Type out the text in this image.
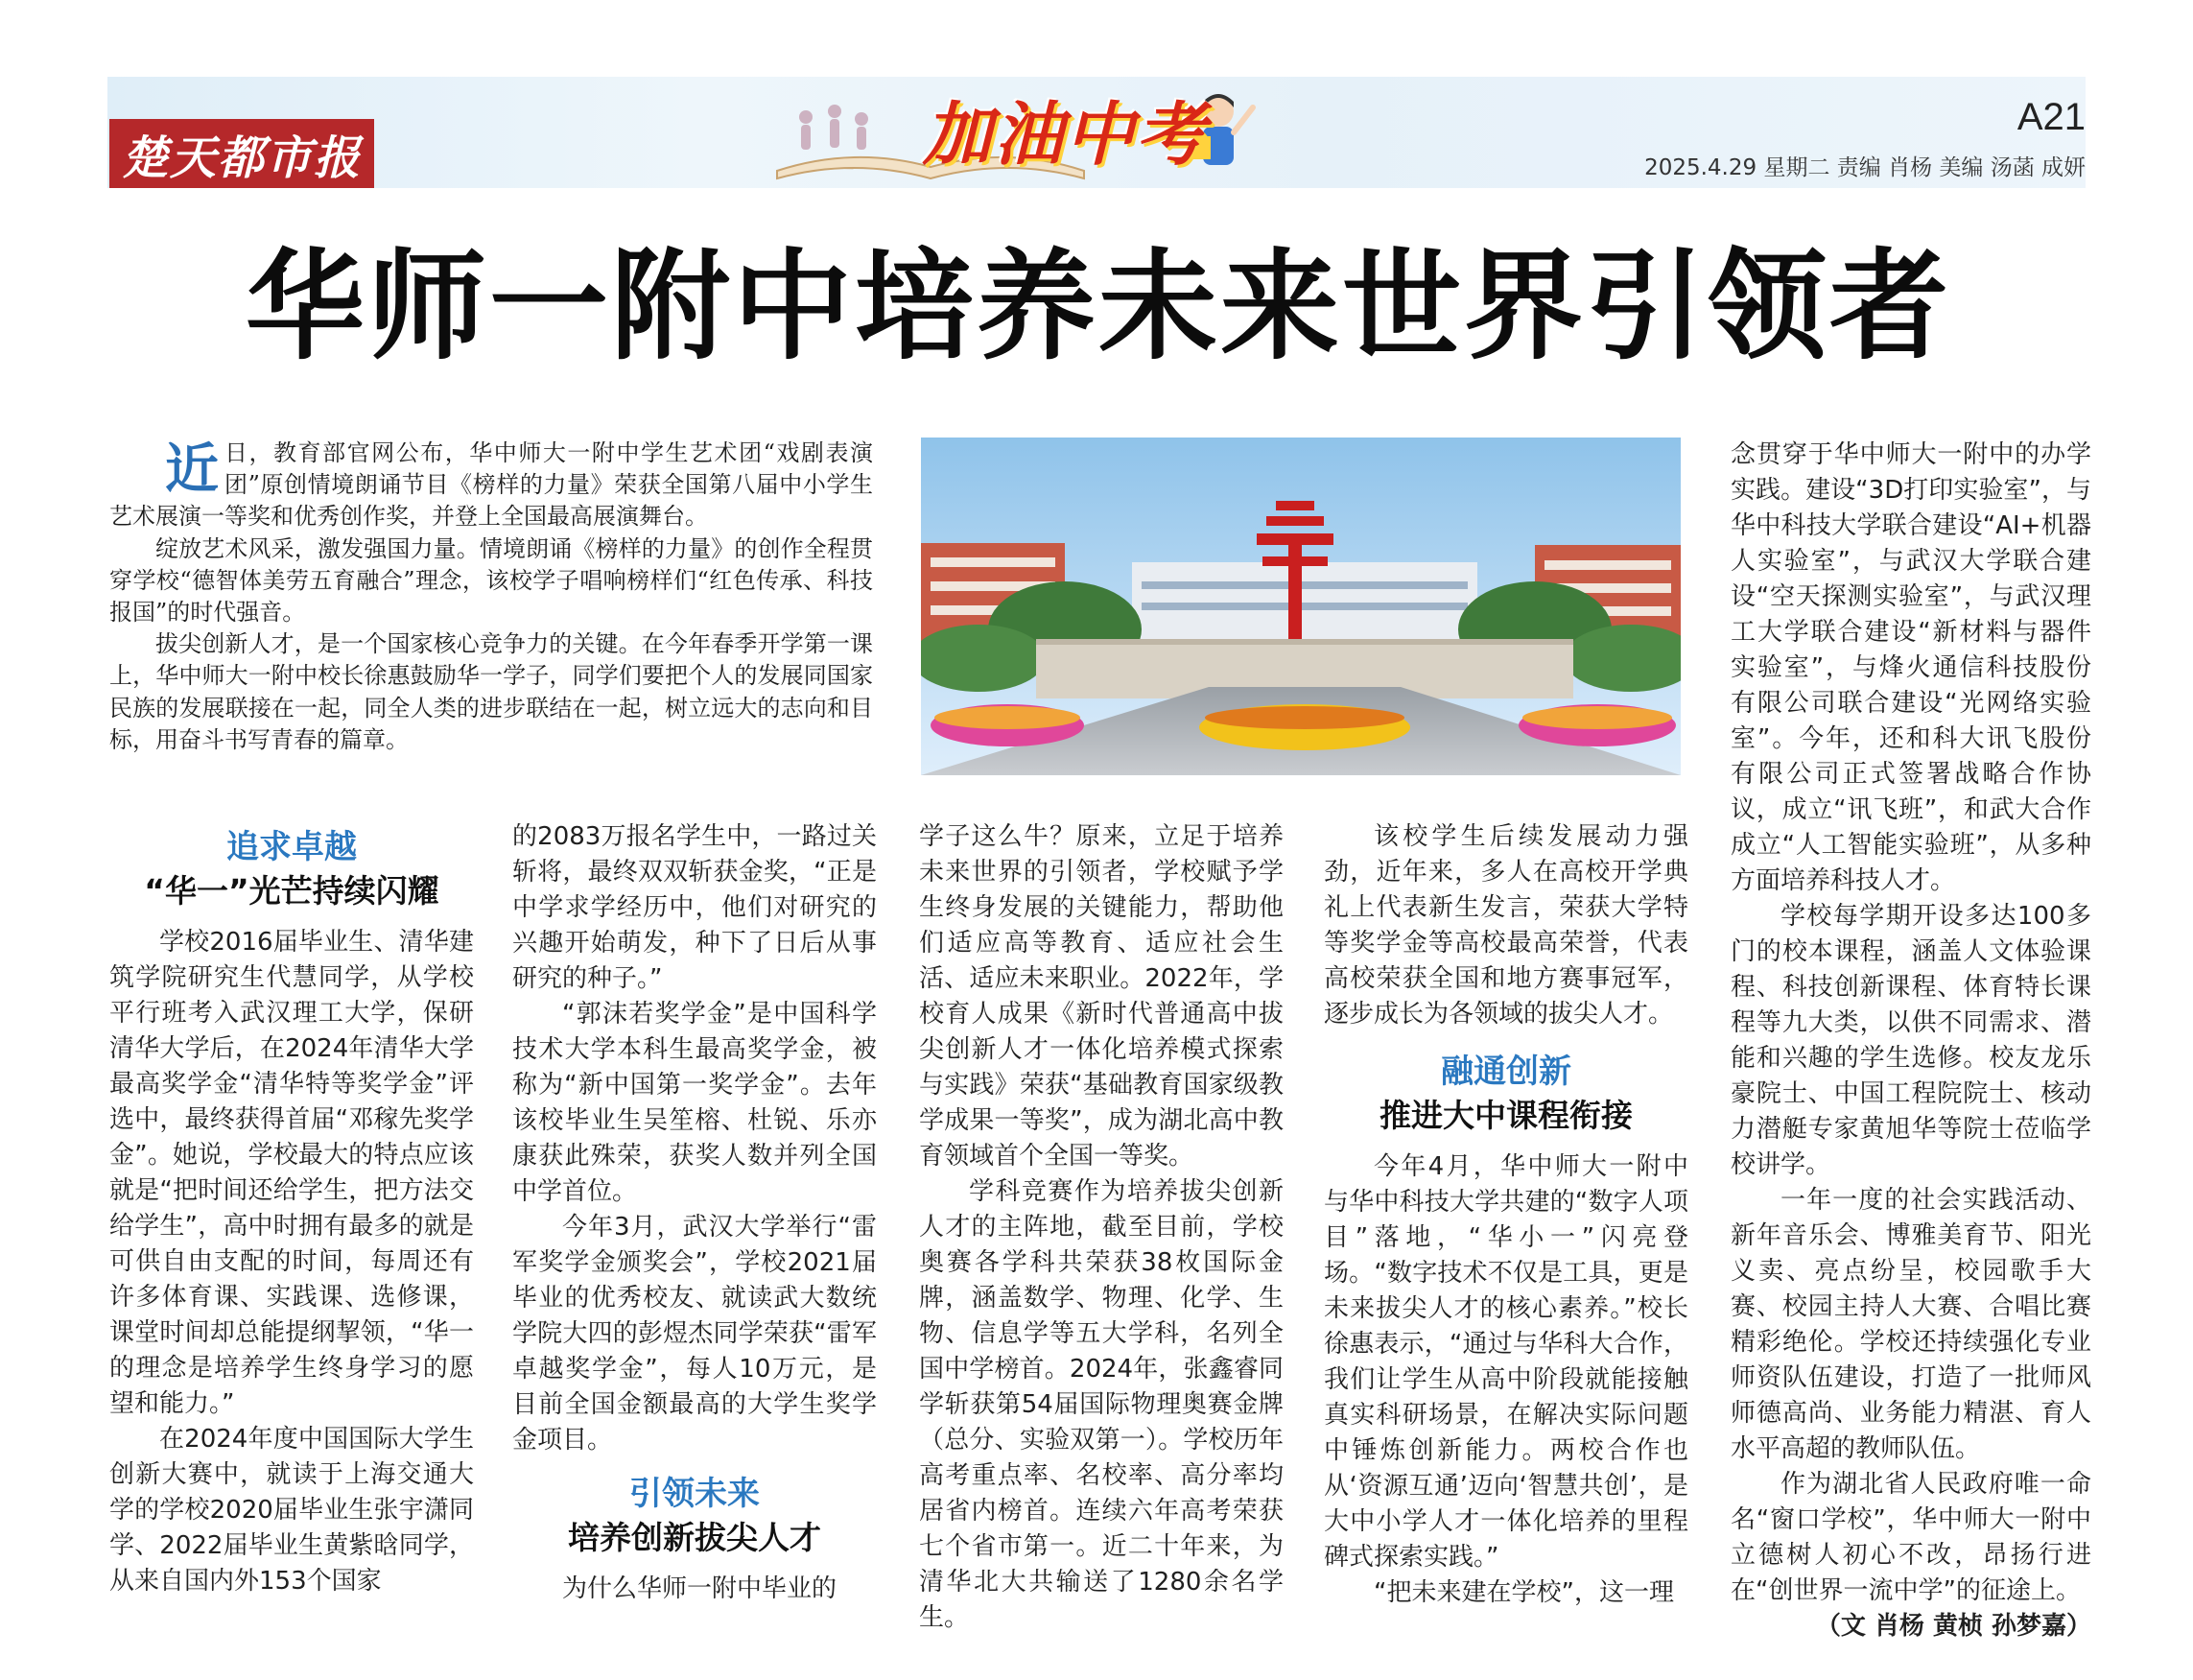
楚天都市报	加油中考	A21
2025.4.29 星期二 责编 肖杨 美编 汤菡 成妍
华师一附中培养未来世界引领者
近 日，教育部官网公布，华中师大一附中学生艺术团“戏剧表演团”原创情境朗诵节目《榜样的力量》荣获全国第八届中小学生艺术展演一等奖和优秀创作奖，并登上全国最高展演舞台。

绽放艺术风采，激发强国力量。情境朗诵《榜样的力量》的创作全程贯穿学校“德智体美劳五育融合”理念，该校学子唱响榜样们“红色传承、科技报国”的时代强音。

拔尖创新人才，是一个国家核心竞争力的关键。在今年春季开学第一课上，华中师大一附中校长徐惠鼓励华一学子，同学们要把个人的发展同国家民族的发展联接在一起，同全人类的进步联结在一起，树立远大的志向和目标，用奋斗书写青春的篇章。

追求卓越
“华一”光芒持续闪耀

学校2016届毕业生、清华建筑学院研究生代慧同学，从学校平行班考入武汉理工大学，保研清华大学后，在2024年清华大学最高奖学金“清华特等奖学金”评选中，最终获得首届“邓稼先奖学金”。她说，学校最大的特点应该就是“把时间还给学生，把方法交给学生”，高中时拥有最多的就是可供自由支配的时间，每周还有许多体育课、实践课、选修课，课堂时间却总能提纲挈领，“华一的理念是培养学生终身学习的愿望和能力。”

在2024年度中国国际大学生创新大赛中，就读于上海交通大学的学校2020届毕业生张宇潇同学、2022届毕业生黄紫晗同学，从来自国内外153个国家

的2083万报名学生中，一路过关斩将，最终双双斩获金奖，“正是中学求学经历中，他们对研究的兴趣开始萌发，种下了日后从事研究的种子。”

“郭沫若奖学金”是中国科学技术大学本科生最高奖学金，被称为“新中国第一奖学金”。去年该校毕业生吴笙榕、杜锐、乐亦康获此殊荣，获奖人数并列全国中学首位。

今年3月，武汉大学举行“雷军奖学金颁奖会”，学校2021届毕业的优秀校友、就读武大数统学院大四的彭煜杰同学荣获“雷军卓越奖学金”，每人10万元，是目前全国金额最高的大学生奖学金项目。

引领未来
培养创新拔尖人才

为什么华师一附中毕业的

学子这么牛？原来，立足于培养未来世界的引领者，学校赋予学生终身发展的关键能力，帮助他们适应高等教育、适应社会生活、适应未来职业。2022年，学校育人成果《新时代普通高中拔尖创新人才一体化培养模式探索与实践》荣获“基础教育国家级教学成果一等奖”，成为湖北高中教育领域首个全国一等奖。

学科竞赛作为培养拔尖创新人才的主阵地，截至目前，学校奥赛各学科共荣获38枚国际金牌，涵盖数学、物理、化学、生物、信息学等五大学科，名列全国中学榜首。2024年，张鑫睿同学斩获第54届国际物理奥赛金牌（总分、实验双第一）。学校历年高考重点率、名校率、高分率均居省内榜首。连续六年高考荣获七个省市第一。近二十年来，为清华北大共输送了1280余名学生。

该校学生后续发展动力强劲，近年来，多人在高校开学典礼上代表新生发言，荣获大学特等奖学金等高校最高荣誉，代表高校荣获全国和地方赛事冠军，逐步成长为各领域的拔尖人才。

融通创新
推进大中课程衔接

今年4月，华中师大一附中与华中科技大学共建的“数字人项目”落地，“华小一”闪亮登场。“数字技术不仅是工具，更是未来拔尖人才的核心素养。”校长徐惠表示，“通过与华科大合作，我们让学生从高中阶段就能接触真实科研场景，在解决实际问题中锤炼创新能力。两校合作也从‘资源互通’迈向‘智慧共创’，是大中小学人才一体化培养的里程碑式探索实践。”

“把未来建在学校”，这一理

念贯穿于华中师大一附中的办学实践。建设“3D打印实验室”，与华中科技大学联合建设“AI+机器人实验室”，与武汉大学联合建设“空天探测实验室”，与武汉理工大学联合建设“新材料与器件实验室”，与烽火通信科技股份有限公司联合建设“光网络实验室”。今年，还和科大讯飞股份有限公司正式签署战略合作协议，成立“讯飞班”，和武大合作成立“人工智能实验班”，从多种方面培养科技人才。

学校每学期开设多达100多门的校本课程，涵盖人文体验课程、科技创新课程、体育特长课程等九大类，以供不同需求、潜能和兴趣的学生选修。校友龙乐豪院士、中国工程院院士、核动力潜艇专家黄旭华等院士莅临学校讲学。

一年一度的社会实践活动、新年音乐会、博雅美育节、阳光义卖、亮点纷呈，校园歌手大赛、校园主持人大赛、合唱比赛精彩绝伦。学校还持续强化专业师资队伍建设，打造了一批师风师德高尚、业务能力精湛、育人水平高超的教师队伍。

作为湖北省人民政府唯一命名“窗口学校”，华中师大一附中立德树人初心不改，昂扬行进在“创世界一流中学”的征途上。

（文 肖杨 黄桢 孙梦嘉）
